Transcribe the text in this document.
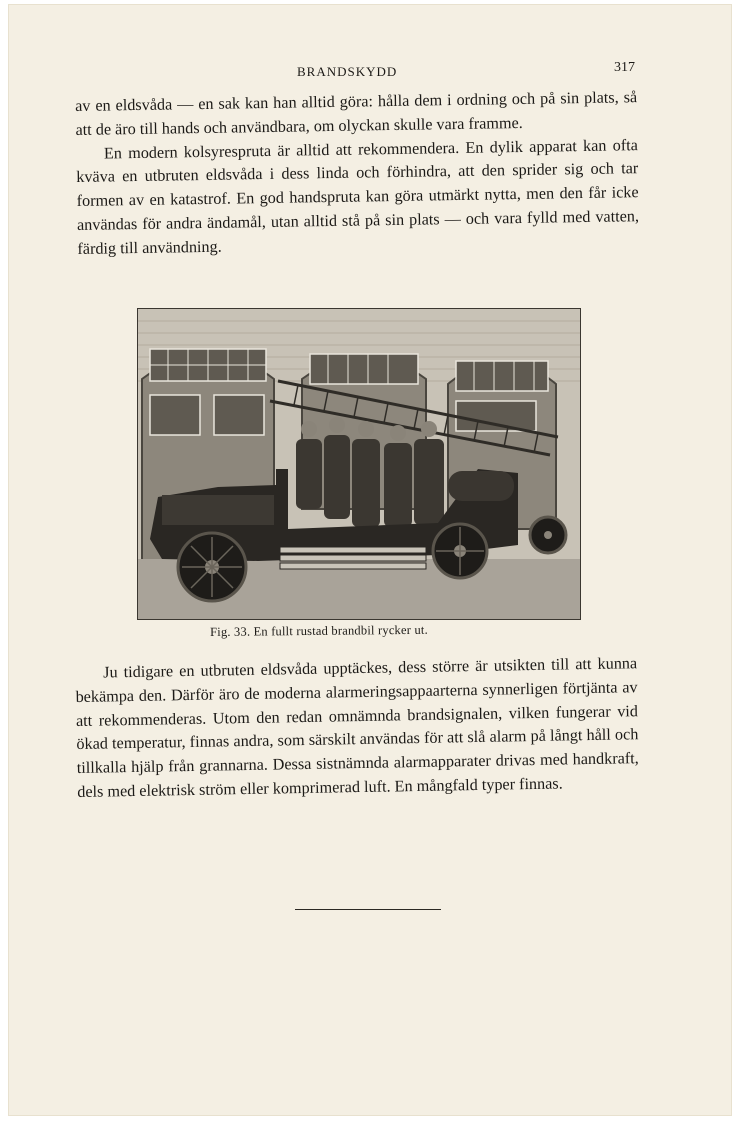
BRANDSKYDD	317

av en eldsvåda — en sak kan han alltid göra: hålla dem i ordning och på sin plats, så att de äro till hands och användbara, om olyckan skulle vara framme.

En modern kolsyrespruta är alltid att rekommendera. En dylik apparat kan ofta kväva en utbruten eldsvåda i dess linda och förhindra, att den sprider sig och tar formen av en katastrof. En god handspruta kan göra utmärkt nytta, men den får icke användas för andra ändamål, utan alltid stå på sin plats — och vara fylld med vatten, färdig till användning.

Fig. 33. En fullt rustad brandbil rycker ut.

Ju tidigare en utbruten eldsvåda upptäckes, dess större är utsikten till att kunna bekämpa den. Därför äro de moderna alarmeringsappaarterna synnerligen förtjänta av att rekommenderas. Utom den redan omnämnda brandsignalen, vilken fungerar vid ökad temperatur, finnas andra, som särskilt användas för att slå alarm på långt håll och tillkalla hjälp från grannarna. Dessa sistnämnda alarmapparater drivas med handkraft, dels med elektrisk ström eller komprimerad luft. En mångfald typer finnas.
